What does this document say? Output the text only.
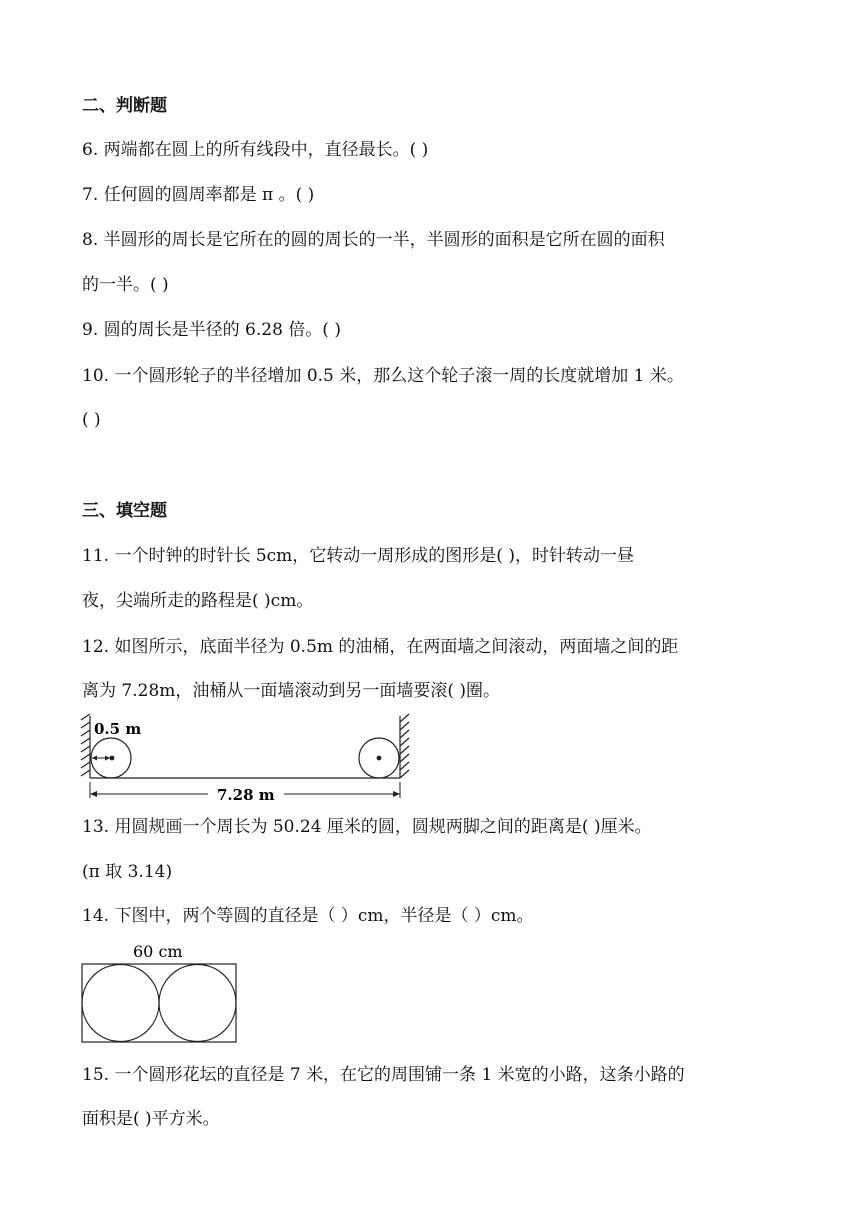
二、判断题
6. 两端都在圆上的所有线段中，直径最长。( )
7. 任何圆的圆周率都是 π 。( )
8. 半圆形的周长是它所在的圆的周长的一半，半圆形的面积是它所在圆的面积
的一半。( )
9. 圆的周长是半径的 6.28 倍。( )
10. 一个圆形轮子的半径增加 0.5 米，那么这个轮子滚一周的长度就增加 1 米。
( )
三、填空题
11. 一个时钟的时针长 5cm，它转动一周形成的图形是( )，时针转动一昼
夜，尖端所走的路程是( )cm。
12. 如图所示，底面半径为 0.5m 的油桶，在两面墙之间滚动，两面墙之间的距
离为 7.28m，油桶从一面墙滚动到另一面墙要滚( )圈。
0.5 m
7.28 m
13. 用圆规画一个周长为 50.24 厘米的圆，圆规两脚之间的距离是( )厘米。
(π 取 3.14)
14. 下图中，两个等圆的直径是（ ）cm，半径是（ ）cm。
60 cm
15. 一个圆形花坛的直径是 7 米，在它的周围铺一条 1 米宽的小路，这条小路的
面积是( )平方米。
